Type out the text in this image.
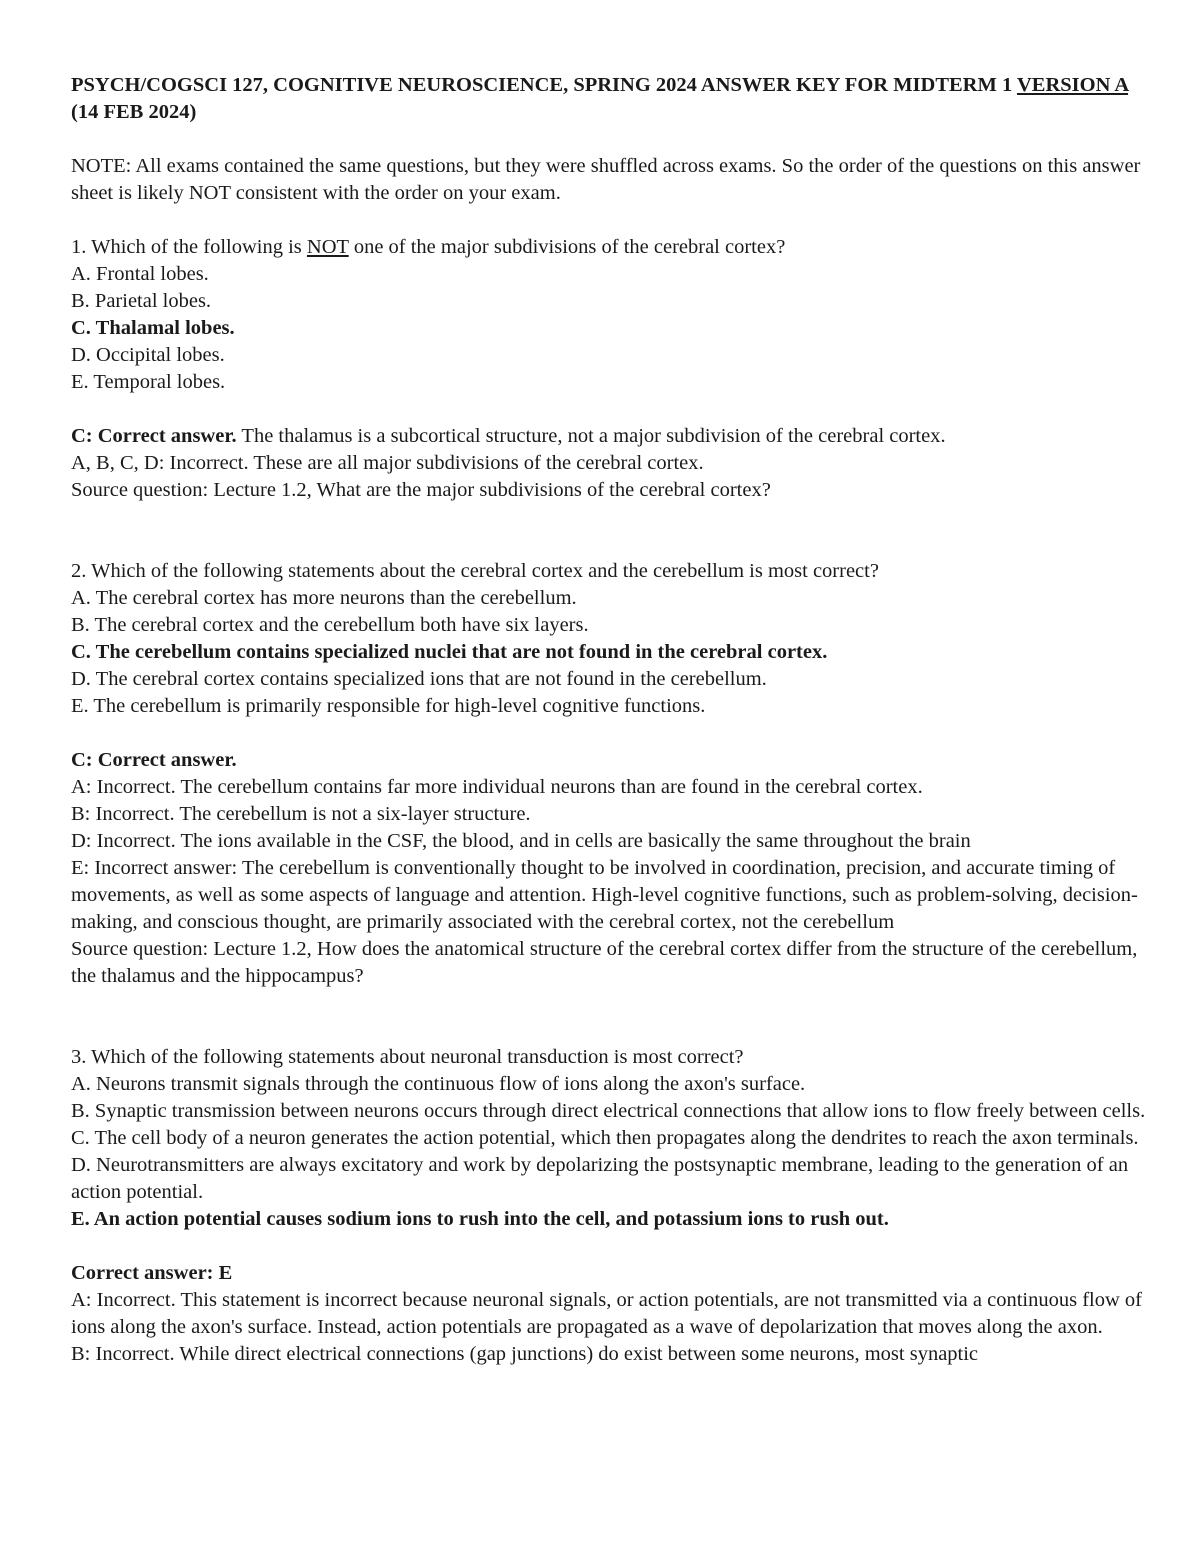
PSYCH/COGSCI 127, COGNITIVE NEUROSCIENCE, SPRING 2024 ANSWER KEY FOR MIDTERM 1 VERSION A (14 FEB 2024)

NOTE: All exams contained the same questions, but they were shuffled across exams. So the order of the questions on this answer sheet is likely NOT consistent with the order on your exam.

1. Which of the following is NOT one of the major subdivisions of the cerebral cortex?

A. Frontal lobes.

B. Parietal lobes.

C. Thalamal lobes.

D. Occipital lobes.

E. Temporal lobes.

C: Correct answer. The thalamus is a subcortical structure, not a major subdivision of the cerebral cortex.

A, B, C, D: Incorrect. These are all major subdivisions of the cerebral cortex.

Source question: Lecture 1.2, What are the major subdivisions of the cerebral cortex?

2. Which of the following statements about the cerebral cortex and the cerebellum is most correct?

A. The cerebral cortex has more neurons than the cerebellum.

B. The cerebral cortex and the cerebellum both have six layers.

C. The cerebellum contains specialized nuclei that are not found in the cerebral cortex.

D. The cerebral cortex contains specialized ions that are not found in the cerebellum.

E. The cerebellum is primarily responsible for high-level cognitive functions.

C: Correct answer.

A: Incorrect. The cerebellum contains far more individual neurons than are found in the cerebral cortex.

B: Incorrect. The cerebellum is not a six-layer structure.

D: Incorrect. The ions available in the CSF, the blood, and in cells are basically the same throughout the brain

E: Incorrect answer: The cerebellum is conventionally thought to be involved in coordination, precision, and accurate timing of movements, as well as some aspects of language and attention. High-level cognitive functions, such as problem-solving, decision-making, and conscious thought, are primarily associated with the cerebral cortex, not the cerebellum

Source question: Lecture 1.2, How does the anatomical structure of the cerebral cortex differ from the structure of the cerebellum, the thalamus and the hippocampus?

3. Which of the following statements about neuronal transduction is most correct?

A. Neurons transmit signals through the continuous flow of ions along the axon's surface.

B. Synaptic transmission between neurons occurs through direct electrical connections that allow ions to flow freely between cells.

C. The cell body of a neuron generates the action potential, which then propagates along the dendrites to reach the axon terminals.

D. Neurotransmitters are always excitatory and work by depolarizing the postsynaptic membrane, leading to the generation of an action potential.

E. An action potential causes sodium ions to rush into the cell, and potassium ions to rush out.

Correct answer: E

A: Incorrect. This statement is incorrect because neuronal signals, or action potentials, are not transmitted via a continuous flow of ions along the axon's surface. Instead, action potentials are propagated as a wave of depolarization that moves along the axon.

B: Incorrect. While direct electrical connections (gap junctions) do exist between some neurons, most synaptic
